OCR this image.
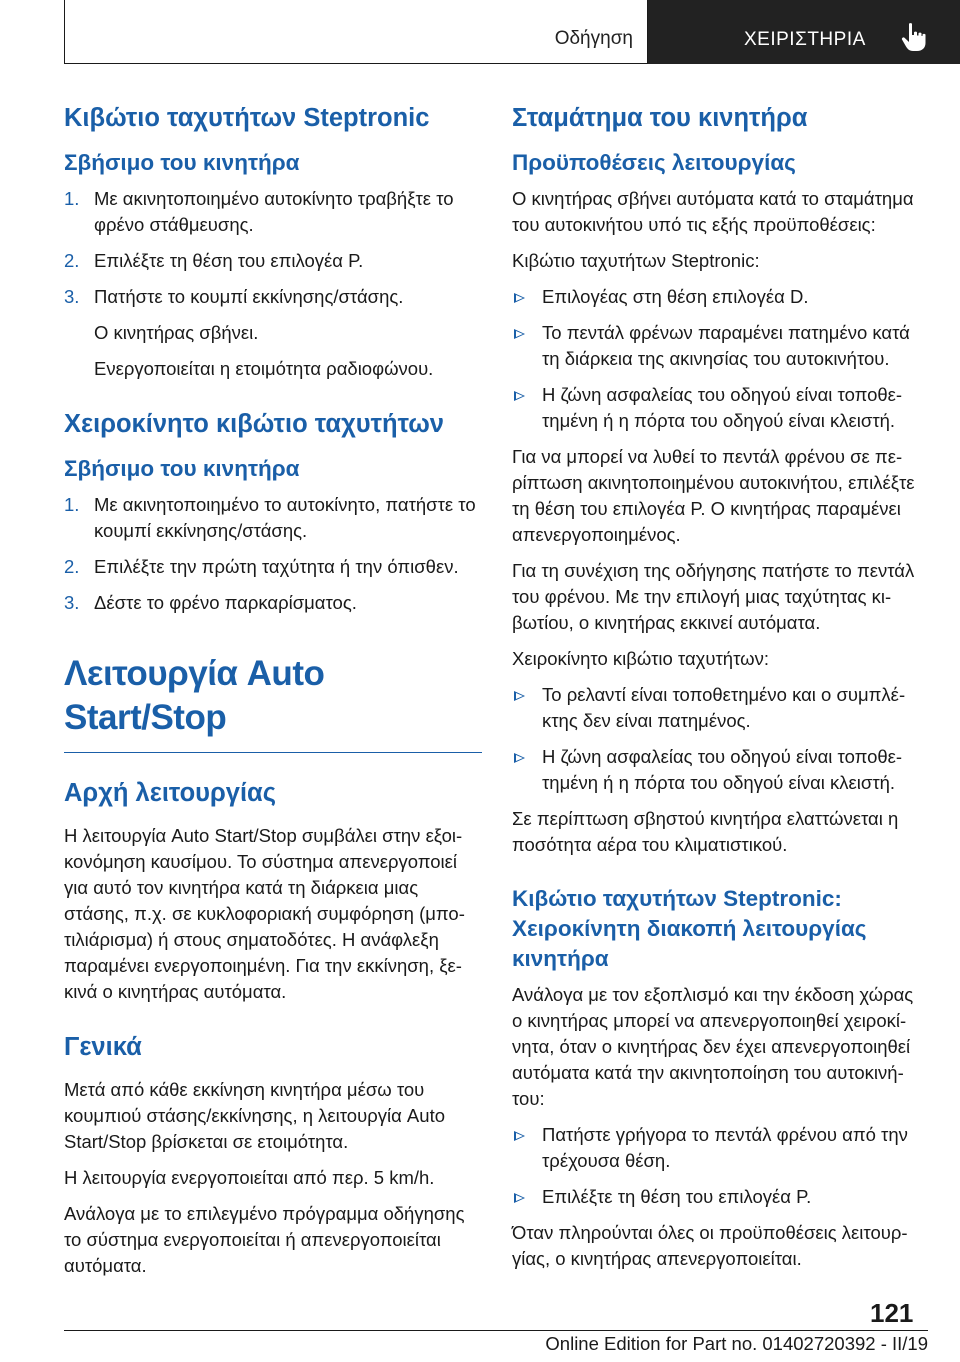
Οδήγηση	ΧΕΙΡΙΣΤΗΡΙΑ
Κιβώτιο ταχυτήτων Steptronic
Σβήσιμο του κινητήρα
1. Με ακινητοποιημένο αυτοκίνητο τραβήξτε το φρένο στάθμευσης.
2. Επιλέξτε τη θέση του επιλογέα P.
3. Πατήστε το κουμπί εκκίνησης/στάσης.

Ο κινητήρας σβήνει.

Ενεργοποιείται η ετοιμότητα ραδιοφώνου.

Χειροκίνητο κιβώτιο ταχυτήτων
Σβήσιμο του κινητήρα
1. Με ακινητοποιημένο το αυτοκίνητο, πατήστε το κουμπί εκκίνησης/στάσης.
2. Επιλέξτε την πρώτη ταχύτητα ή την όπισθεν.
3. Δέστε το φρένο παρκαρίσματος.
Λειτουργία Auto Start/Stop
Αρχή λειτουργίας

Η λειτουργία Auto Start/Stop συμβάλει στην εξοικονόμηση καυσίμου. Το σύστημα απενεργοποιεί για αυτό τον κινητήρα κατά τη διάρκεια μιας στάσης, π.χ. σε κυκλοφοριακή συμφόρηση (μποτιλιάρισμα) ή στους σηματοδότες. Η ανάφλεξη παραμένει ενεργοποιημένη. Για την εκκίνηση, ξεκινά ο κινητήρας αυτόματα.

Γενικά

Μετά από κάθε εκκίνηση κινητήρα μέσω του κουμπιού στάσης/εκκίνησης, η λειτουργία Auto Start/Stop βρίσκεται σε ετοιμότητα.

Η λειτουργία ενεργοποιείται από περ. 5 km/h.

Ανάλογα με το επιλεγμένο πρόγραμμα οδήγησης το σύστημα ενεργοποιείται ή απενεργοποιείται αυτόματα.

Σταμάτημα του κινητήρα
Προϋποθέσεις λειτουργίας

Ο κινητήρας σβήνει αυτόματα κατά το σταμάτημα του αυτοκινήτου υπό τις εξής προϋποθέσεις:

Κιβώτιο ταχυτήτων Steptronic:

Επιλογέας στη θέση επιλογέα D.
Το πεντάλ φρένων παραμένει πατημένο κατά τη διάρκεια της ακινησίας του αυτοκινήτου.
Η ζώνη ασφαλείας του οδηγού είναι τοποθετημένη ή η πόρτα του οδηγού είναι κλειστή.

Για να μπορεί να λυθεί το πεντάλ φρένου σε περίπτωση ακινητοποιημένου αυτοκινήτου, επιλέξτε τη θέση του επιλογέα P. Ο κινητήρας παραμένει απενεργοποιημένος.

Για τη συνέχιση της οδήγησης πατήστε το πεντάλ του φρένου. Με την επιλογή μιας ταχύτητας κιβωτίου, ο κινητήρας εκκινεί αυτόματα.

Χειροκίνητο κιβώτιο ταχυτήτων:

Το ρελαντί είναι τοποθετημένο και ο συμπλέκτης δεν είναι πατημένος.
Η ζώνη ασφαλείας του οδηγού είναι τοποθετημένη ή η πόρτα του οδηγού είναι κλειστή.

Σε περίπτωση σβηστού κινητήρα ελαττώνεται η ποσότητα αέρα του κλιματιστικού.

Κιβώτιο ταχυτήτων Steptronic: Χειροκίνητη διακοπή λειτουργίας κινητήρα

Ανάλογα με τον εξοπλισμό και την έκδοση χώρας ο κινητήρας μπορεί να απενεργοποιηθεί χειροκίνητα, όταν ο κινητήρας δεν έχει απενεργοποιηθεί αυτόματα κατά την ακινητοποίηση του αυτοκινήτου:

Πατήστε γρήγορα το πεντάλ φρένου από την τρέχουσα θέση.
Επιλέξτε τη θέση του επιλογέα P.

Όταν πληρούνται όλες οι προϋποθέσεις λειτουργίας, ο κινητήρας απενεργοποιείται.

121
Online Edition for Part no. 01402720392 - II/19
